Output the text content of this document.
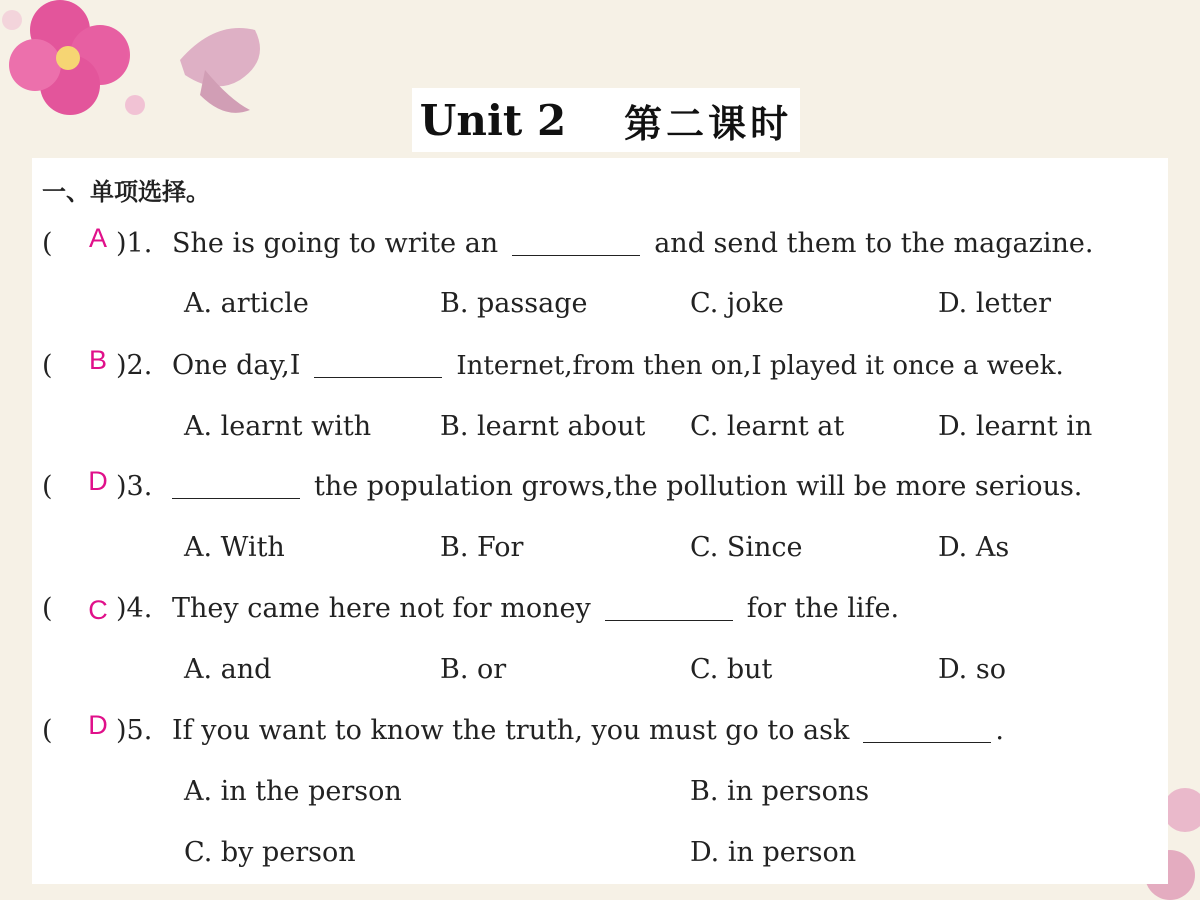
Unit 2 第二课时
一、单项选择。
(	A )1. She is going to write an	and send them to the magazine.
A. article	B. passage	C. joke	D. letter
(	B )2. One day,I	Internet,from then on,I played it once a week.
A. learnt with	B. learnt about C. learnt at	D. learnt in
(	D )3.	the population grows,the pollution will be more serious.
A. With	B. For	C. Since	D. As
(	C )4. They came here not for money	for the life.
A. and	B. or	C. but	D. so
(	D )5. If you want to know the truth, you must go to ask	.
A. in the person	B. in persons
C. by person	D. in person
